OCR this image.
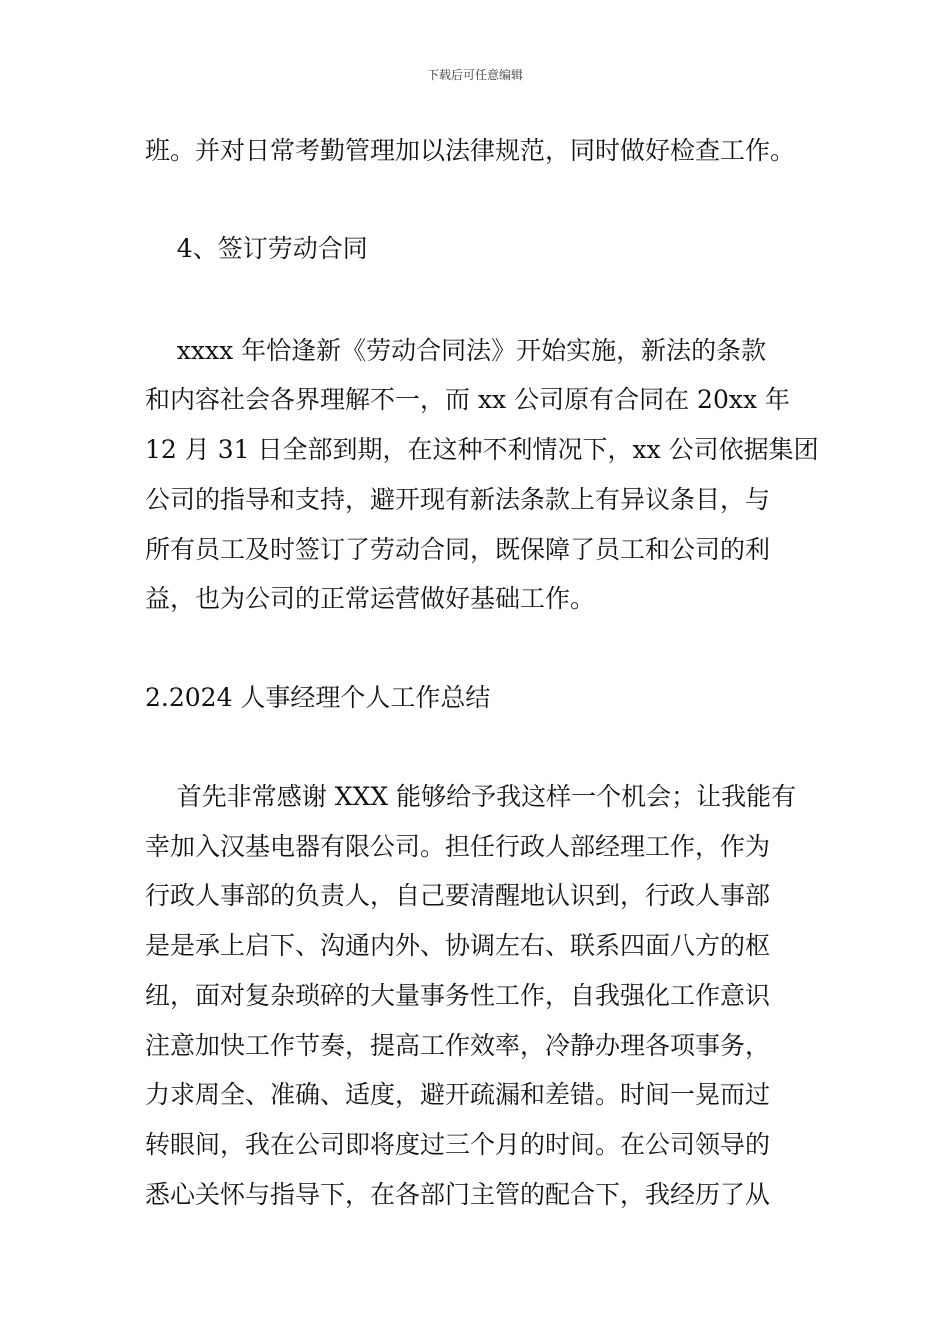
下载后可任意编辑
班。并对日常考勤管理加以法律规范，同时做好检查工作。
4、签订劳动合同
xxxx 年恰逢新《劳动合同法》开始实施，新法的条款
和内容社会各界理解不一，而 xx 公司原有合同在 20xx 年
12 月 31 日全部到期，在这种不利情况下，xx 公司依据集团
公司的指导和支持，避开现有新法条款上有异议条目，与
所有员工及时签订了劳动合同，既保障了员工和公司的利
益，也为公司的正常运营做好基础工作。
2.2024 人事经理个人工作总结
首先非常感谢 XXX 能够给予我这样一个机会；让我能有
幸加入汉基电器有限公司。担任行政人部经理工作，作为
行政人事部的负责人，自己要清醒地认识到，行政人事部
是是承上启下、沟通内外、协调左右、联系四面八方的枢
纽，面对复杂琐碎的大量事务性工作，自我强化工作意识
注意加快工作节奏，提高工作效率，冷静办理各项事务，
力求周全、准确、适度，避开疏漏和差错。时间一晃而过
转眼间，我在公司即将度过三个月的时间。在公司领导的
悉心关怀与指导下，在各部门主管的配合下，我经历了从
